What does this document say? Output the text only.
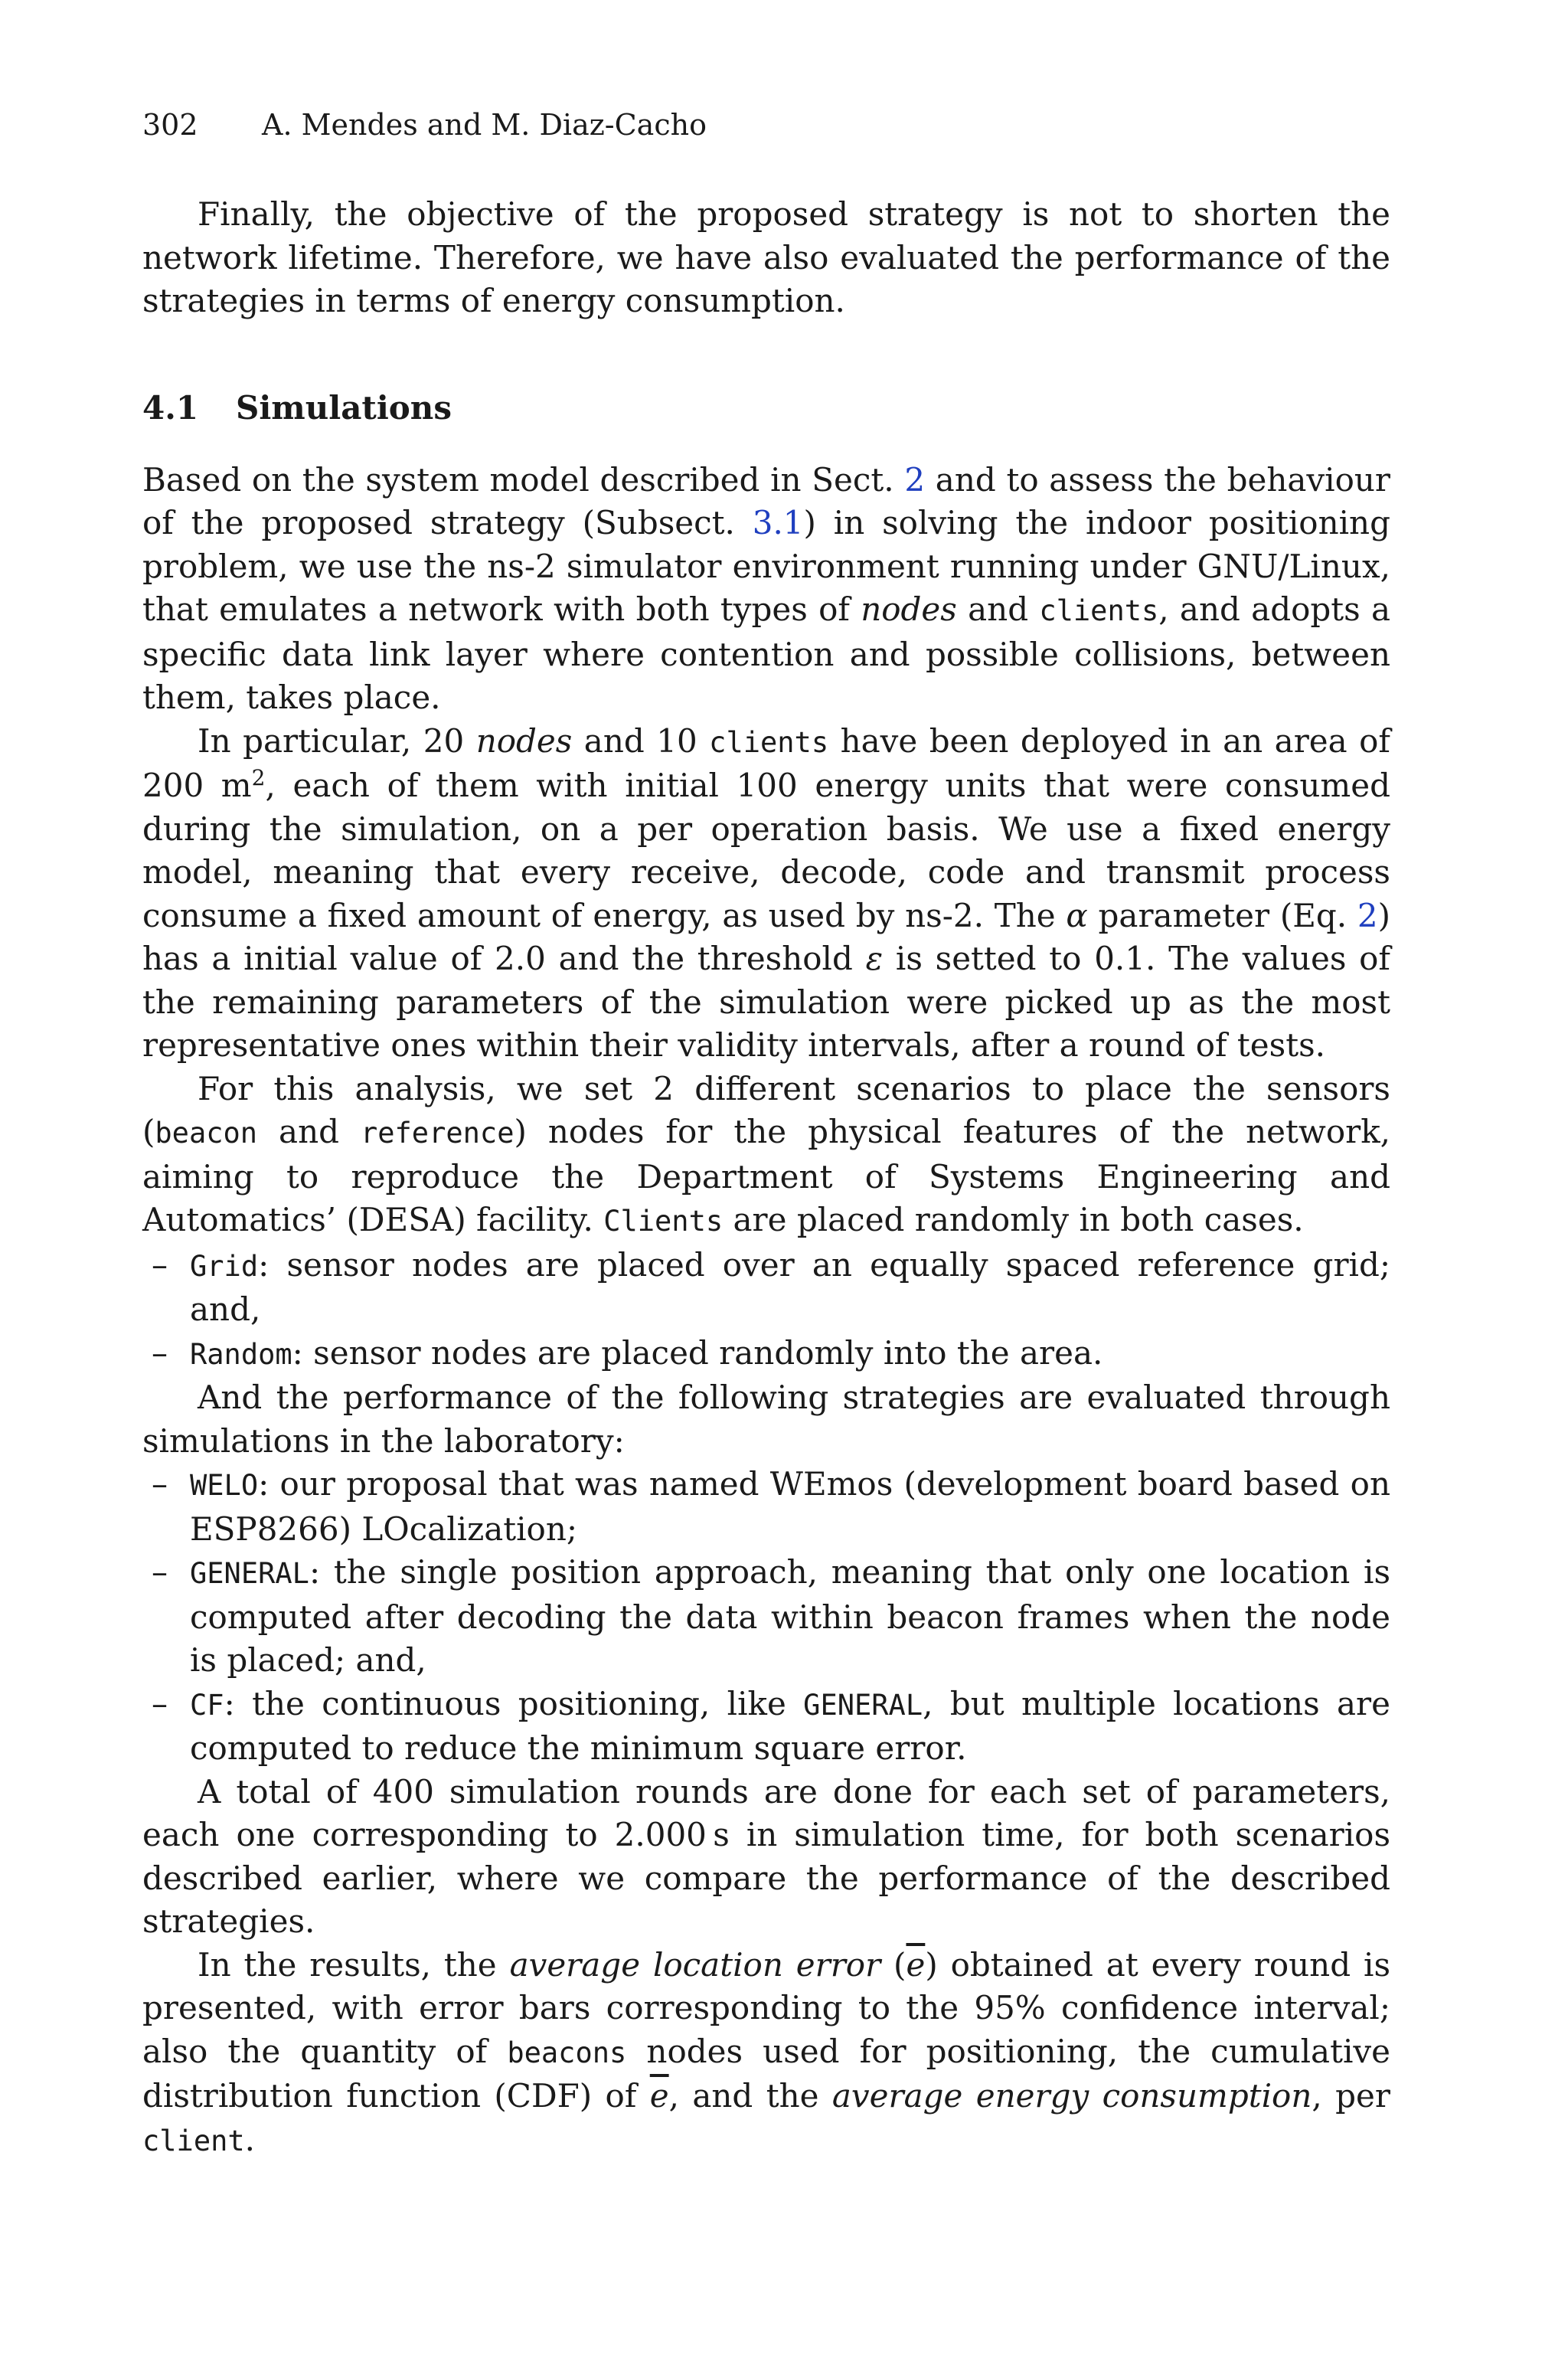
302 A. Mendes and M. Diaz-Cacho

Finally, the objective of the proposed strategy is not to shorten the network lifetime. Therefore, we have also evaluated the performance of the strategies in terms of energy consumption.

4.1 Simulations

Based on the system model described in Sect. 2 and to assess the behaviour of the proposed strategy (Subsect. 3.1) in solving the indoor positioning problem, we use the ns-2 simulator environment running under GNU/Linux, that emulates a network with both types of nodes and clients, and adopts a specific data link layer where contention and possible collisions, between them, takes place.

In particular, 20 nodes and 10 clients have been deployed in an area of 200 $m^2$, each of them with initial 100 energy units that were consumed during the simulation, on a per operation basis. We use a fixed energy model, meaning that every receive, decode, code and transmit process consume a fixed amount of energy, as used by ns-2. The α parameter (Eq. 2) has a initial value of 2.0 and the threshold ε is setted to 0.1. The values of the remaining parameters of the simulation were picked up as the most representative ones within their validity intervals, after a round of tests.

For this analysis, we set 2 different scenarios to place the sensors (beacon and reference) nodes for the physical features of the network, aiming to reproduce the Department of Systems Engineering and Automatics’ (DESA) facility. Clients are placed randomly in both cases.

– Grid: sensor nodes are placed over an equally spaced reference grid; and,
– Random: sensor nodes are placed randomly into the area.

And the performance of the following strategies are evaluated through simulations in the laboratory:

– WELO: our proposal that was named WEmos (development board based on ESP8266) LOcalization;
– GENERAL: the single position approach, meaning that only one location is computed after decoding the data within beacon frames when the node is placed; and,
– CF: the continuous positioning, like GENERAL, but multiple locations are computed to reduce the minimum square error.

A total of 400 simulation rounds are done for each set of parameters, each one corresponding to 2.000 s in simulation time, for both scenarios described earlier, where we compare the performance of the described strategies.

In the results, the average location error $(\overline{e})$ obtained at every round is presented, with error bars corresponding to the 95% confidence interval; also the quantity of beacons nodes used for positioning, the cumulative distribution function (CDF) of $\overline{e}$, and the average energy consumption, per client.
